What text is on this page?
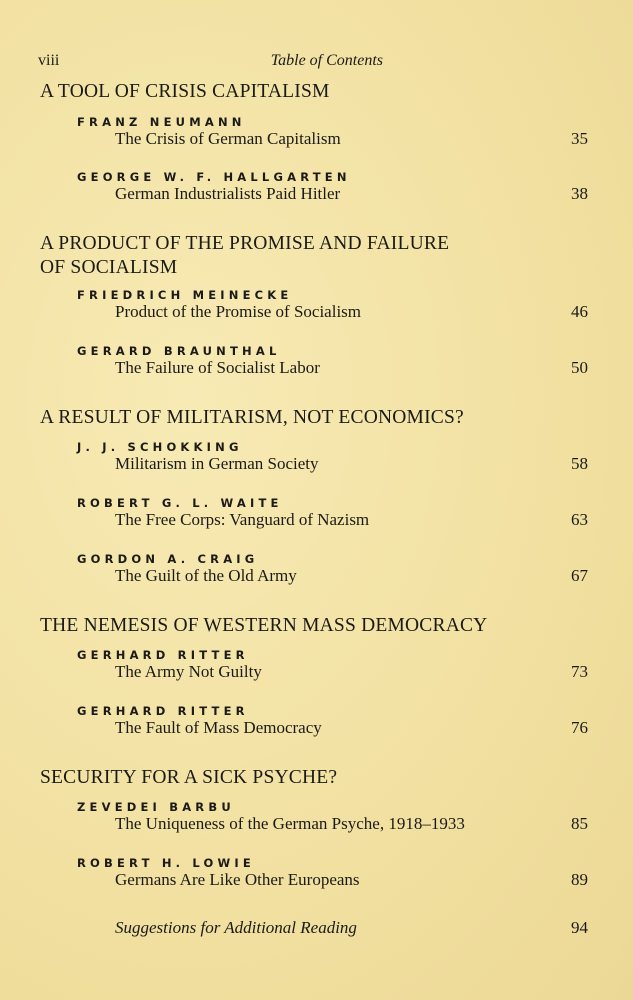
viii	Table of Contents
A TOOL OF CRISIS CAPITALISM
FRANZ NEUMANN
The Crisis of German Capitalism	35
GEORGE W. F. HALLGARTEN
German Industrialists Paid Hitler	38
A PRODUCT OF THE PROMISE AND FAILURE
OF SOCIALISM
FRIEDRICH MEINECKE
Product of the Promise of Socialism	46
GERARD BRAUNTHAL
The Failure of Socialist Labor	50
A RESULT OF MILITARISM, NOT ECONOMICS?
J. J. SCHOKKING
Militarism in German Society	58
ROBERT G. L. WAITE
The Free Corps: Vanguard of Nazism	63
GORDON A. CRAIG
The Guilt of the Old Army	67
THE NEMESIS OF WESTERN MASS DEMOCRACY
GERHARD RITTER
The Army Not Guilty	73
GERHARD RITTER
The Fault of Mass Democracy	76
SECURITY FOR A SICK PSYCHE?
ZEVEDEI BARBU
The Uniqueness of the German Psyche, 1918–1933	85
ROBERT H. LOWIE
Germans Are Like Other Europeans	89
Suggestions for Additional Reading	94
